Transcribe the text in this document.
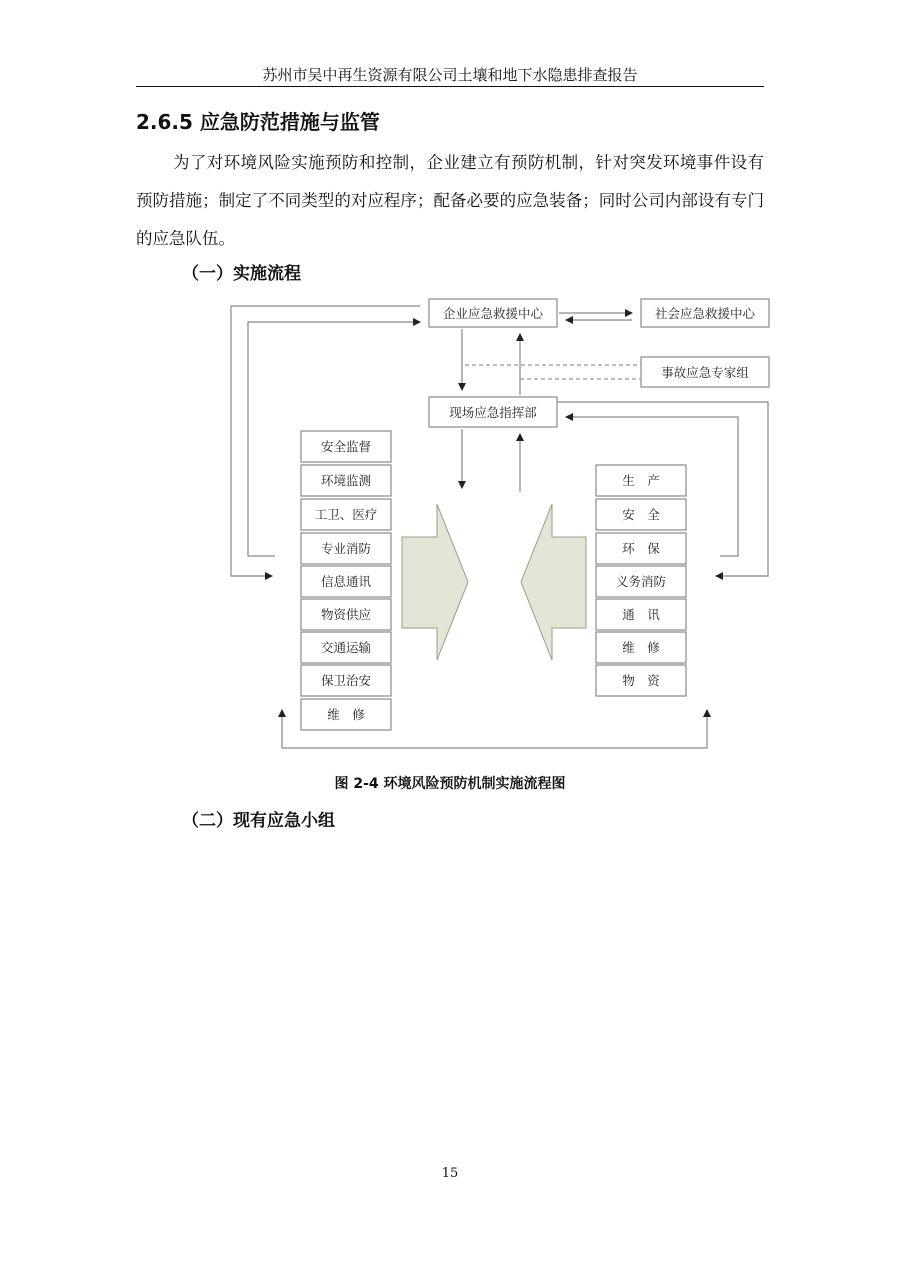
苏州市吴中再生资源有限公司土壤和地下水隐患排查报告
2.6.5 应急防范措施与监管
为了对环境风险实施预防和控制，企业建立有预防机制，针对突发环境事件设有预防措施；制定了不同类型的对应程序；配备必要的应急装备；同时公司内部设有专门的应急队伍。
（一）实施流程
企业应急救援中心	社会应急救援中心
事故应急专家组
现场应急指挥部
安全监督
环境监测
工卫、医疗
专业消防
信息通讯
物资供应
交通运输
保卫治安
维　修
生　产
安　全
环　保
义务消防
通　讯
维　修
物　资
图 2-4 环境风险预防机制实施流程图
（二）现有应急小组
15
